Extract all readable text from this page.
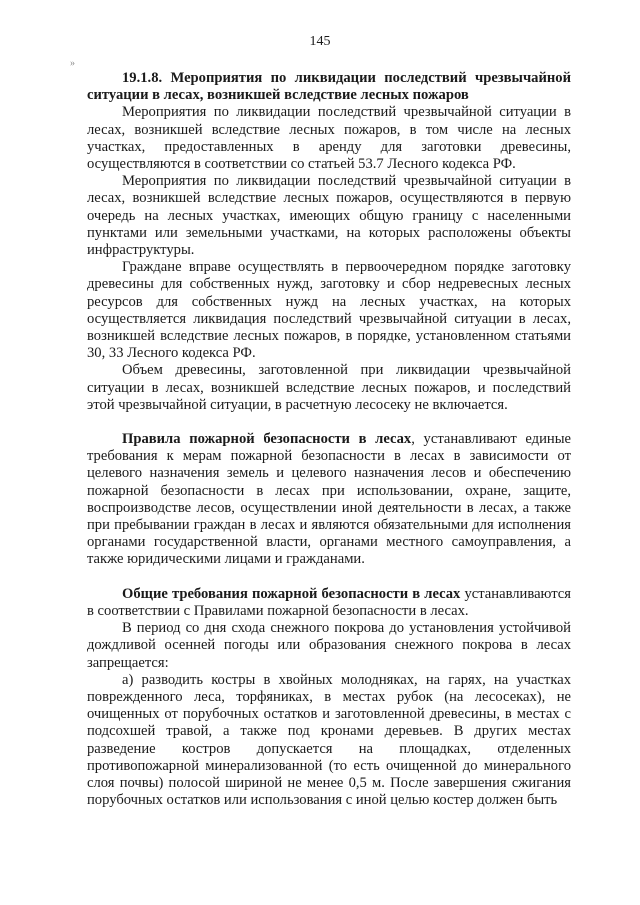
145
»

19.1.8. Мероприятия по ликвидации последствий чрезвычайной ситуации в лесах, возникшей вследствие лесных пожаров

Мероприятия по ликвидации последствий чрезвычайной ситуации в лесах, возникшей вследствие лесных пожаров, в том числе на лесных участках, предоставленных в аренду для заготовки древесины, осуществляются в соответствии со статьей 53.7 Лесного кодекса РФ.

Мероприятия по ликвидации последствий чрезвычайной ситуации в лесах, возникшей вследствие лесных пожаров, осуществляются в первую очередь на лесных участках, имеющих общую границу с населенными пунктами или земельными участками, на которых расположены объекты инфраструктуры.

Граждане вправе осуществлять в первоочередном порядке заготовку древесины для собственных нужд, заготовку и сбор недревесных лесных ресурсов для собственных нужд на лесных участках, на которых осуществляется ликвидация последствий чрезвычайной ситуации в лесах, возникшей вследствие лесных пожаров, в порядке, установленном статьями 30, 33 Лесного кодекса РФ.

Объем древесины, заготовленной при ликвидации чрезвычайной ситуации в лесах, возникшей вследствие лесных пожаров, и последствий этой чрезвычайной ситуации, в расчетную лесосеку не включается.

Правила пожарной безопасности в лесах, устанавливают единые требования к мерам пожарной безопасности в лесах в зависимости от целевого назначения земель и целевого назначения лесов и обеспечению пожарной безопасности в лесах при использовании, охране, защите, воспроизводстве лесов, осуществлении иной деятельности в лесах, а также при пребывании граждан в лесах и являются обязательными для исполнения органами государственной власти, органами местного самоуправления, а также юридическими лицами и гражданами.

Общие требования пожарной безопасности в лесах устанавливаются в соответствии с Правилами пожарной безопасности в лесах.

В период со дня схода снежного покрова до установления устойчивой дождливой осенней погоды или образования снежного покрова в лесах запрещается:

а) разводить костры в хвойных молодняках, на гарях, на участках поврежденного леса, торфяниках, в местах рубок (на лесосеках), не очищенных от порубочных остатков и заготовленной древесины, в местах с подсохшей травой, а также под кронами деревьев. В других местах разведение костров допускается на площадках, отделенных противопожарной минерализованной (то есть очищенной до минерального слоя почвы) полосой шириной не менее 0,5 м. После завершения сжигания порубочных остатков или использования с иной целью костер должен быть
